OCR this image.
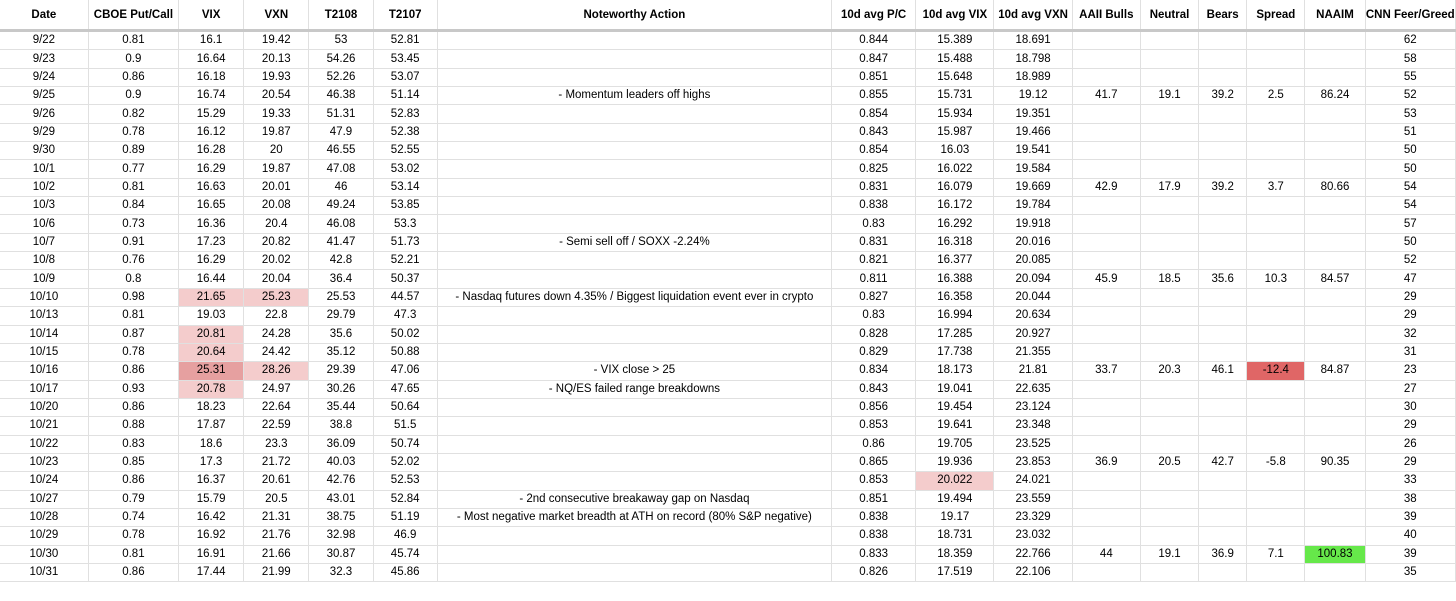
Date	CBOE Put/Call	VIX	VXN	T2108	T2107	Noteworthy Action	10d avg P/C	10d avg VIX	10d avg VXN	AAII Bulls	Neutral	Bears	Spread	NAAIM	CNN Feer/Greed
9/22	0.81	16.1	19.42	53	52.81		0.844	15.389	18.691						62
9/23	0.9	16.64	20.13	54.26	53.45		0.847	15.488	18.798						58
9/24	0.86	16.18	19.93	52.26	53.07		0.851	15.648	18.989						55
9/25	0.9	16.74	20.54	46.38	51.14	- Momentum leaders off highs	0.855	15.731	19.12	41.7	19.1	39.2	2.5	86.24	52
9/26	0.82	15.29	19.33	51.31	52.83		0.854	15.934	19.351						53
9/29	0.78	16.12	19.87	47.9	52.38		0.843	15.987	19.466						51
9/30	0.89	16.28	20	46.55	52.55		0.854	16.03	19.541						50
10/1	0.77	16.29	19.87	47.08	53.02		0.825	16.022	19.584						50
10/2	0.81	16.63	20.01	46	53.14		0.831	16.079	19.669	42.9	17.9	39.2	3.7	80.66	54
10/3	0.84	16.65	20.08	49.24	53.85		0.838	16.172	19.784						54
10/6	0.73	16.36	20.4	46.08	53.3		0.83	16.292	19.918						57
10/7	0.91	17.23	20.82	41.47	51.73	- Semi sell off / SOXX -2.24%	0.831	16.318	20.016						50
10/8	0.76	16.29	20.02	42.8	52.21		0.821	16.377	20.085						52
10/9	0.8	16.44	20.04	36.4	50.37		0.811	16.388	20.094	45.9	18.5	35.6	10.3	84.57	47
10/10	0.98	21.65	25.23	25.53	44.57	- Nasdaq futures down 4.35% / Biggest liquidation event ever in crypto	0.827	16.358	20.044						29
10/13	0.81	19.03	22.8	29.79	47.3		0.83	16.994	20.634						29
10/14	0.87	20.81	24.28	35.6	50.02		0.828	17.285	20.927						32
10/15	0.78	20.64	24.42	35.12	50.88		0.829	17.738	21.355						31
10/16	0.86	25.31	28.26	29.39	47.06	- VIX close > 25	0.834	18.173	21.81	33.7	20.3	46.1	-12.4	84.87	23
10/17	0.93	20.78	24.97	30.26	47.65	- NQ/ES failed range breakdowns	0.843	19.041	22.635						27
10/20	0.86	18.23	22.64	35.44	50.64		0.856	19.454	23.124						30
10/21	0.88	17.87	22.59	38.8	51.5		0.853	19.641	23.348						29
10/22	0.83	18.6	23.3	36.09	50.74		0.86	19.705	23.525						26
10/23	0.85	17.3	21.72	40.03	52.02		0.865	19.936	23.853	36.9	20.5	42.7	-5.8	90.35	29
10/24	0.86	16.37	20.61	42.76	52.53		0.853	20.022	24.021						33
10/27	0.79	15.79	20.5	43.01	52.84	- 2nd consecutive breakaway gap on Nasdaq	0.851	19.494	23.559						38
10/28	0.74	16.42	21.31	38.75	51.19	- Most negative market breadth at ATH on record (80% S&P negative)	0.838	19.17	23.329						39
10/29	0.78	16.92	21.76	32.98	46.9		0.838	18.731	23.032						40
10/30	0.81	16.91	21.66	30.87	45.74		0.833	18.359	22.766	44	19.1	36.9	7.1	100.83	39
10/31	0.86	17.44	21.99	32.3	45.86		0.826	17.519	22.106						35
